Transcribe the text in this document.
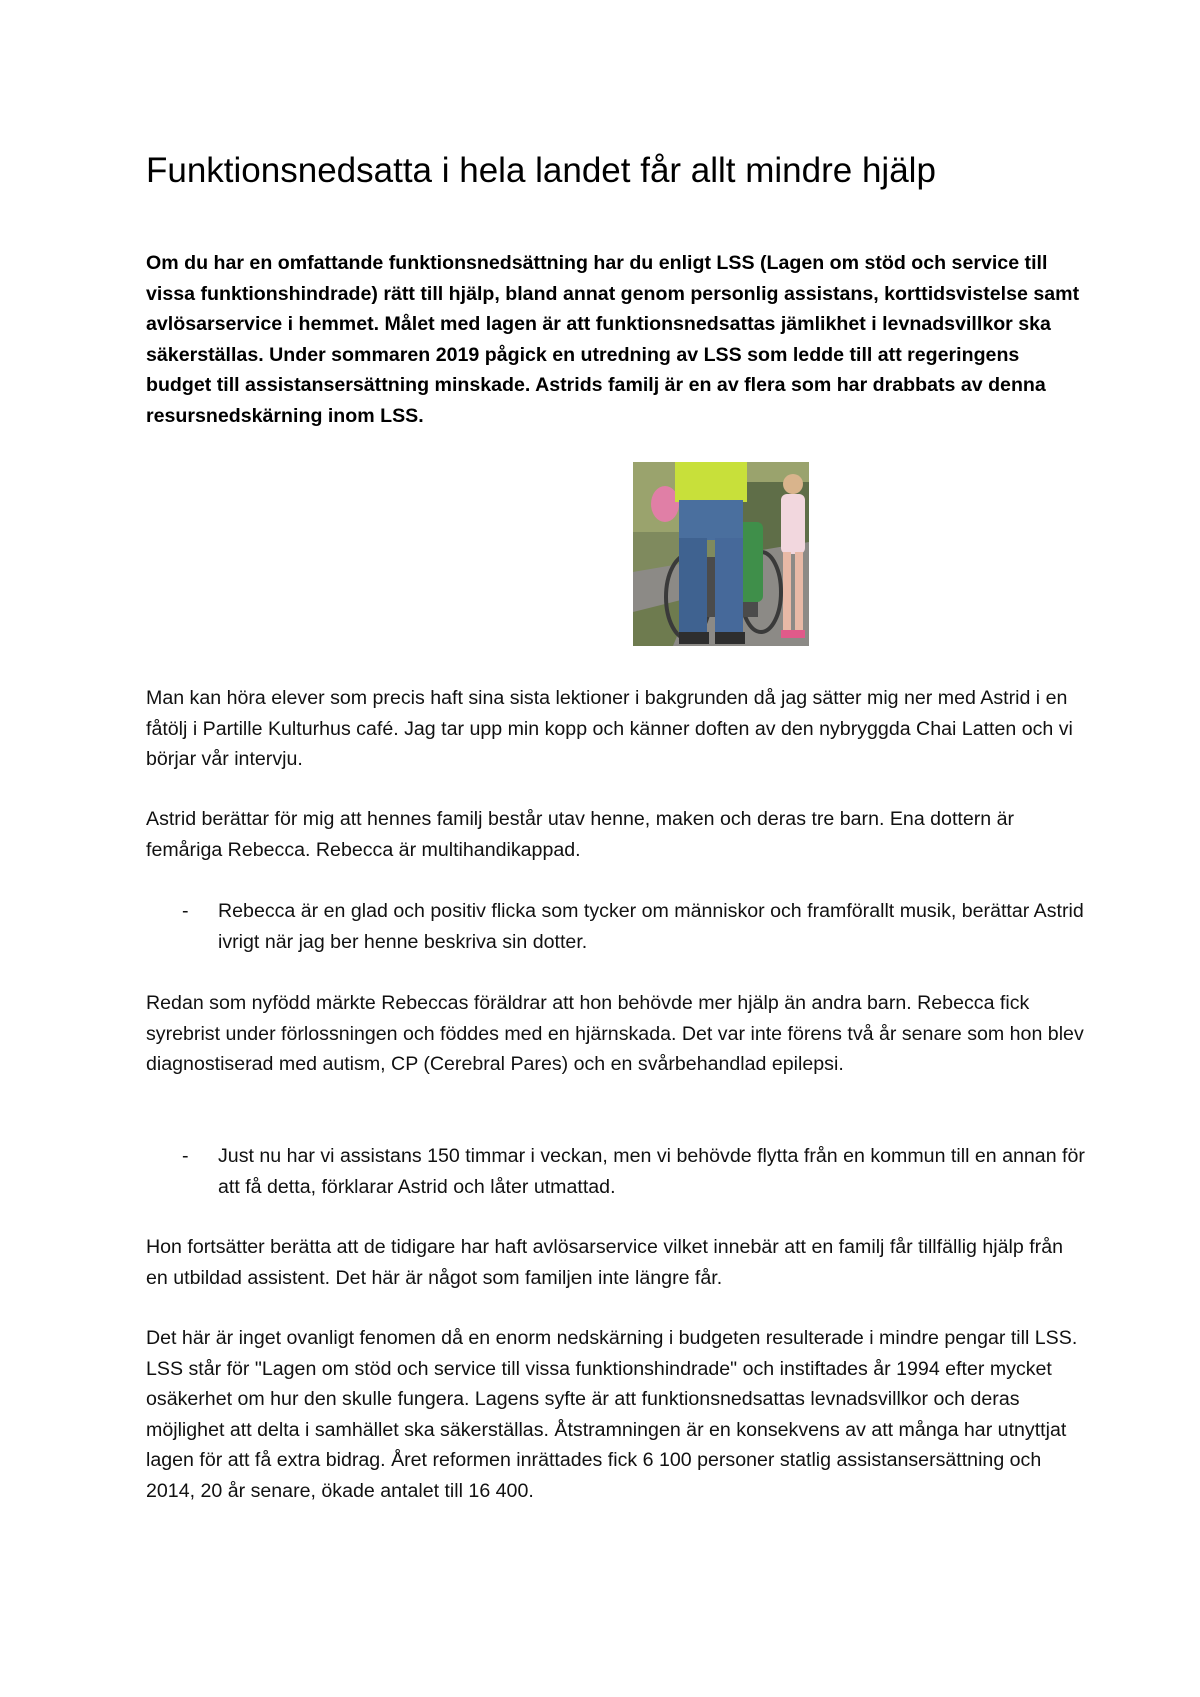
Funktionsnedsatta i hela landet får allt mindre hjälp

Om du har en omfattande funktionsnedsättning har du enligt LSS (Lagen om stöd och service till vissa funktionshindrade) rätt till hjälp, bland annat genom personlig assistans, korttidsvistelse samt avlösarservice i hemmet. Målet med lagen är att funktionsnedsattas jämlikhet i levnadsvillkor ska säkerställas. Under sommaren 2019 pågick en utredning av LSS som ledde till att regeringens budget till assistansersättning minskade. Astrids familj är en av flera som har drabbats av denna resursnedskärning inom LSS.

Man kan höra elever som precis haft sina sista lektioner i bakgrunden då jag sätter mig ner med Astrid i en fåtölj i Partille Kulturhus café. Jag tar upp min kopp och känner doften av den nybryggda Chai Latten och vi börjar vår intervju.

Astrid berättar för mig att hennes familj består utav henne, maken och deras tre barn. Ena dottern är femåriga Rebecca. Rebecca är multihandikappad.

- Rebecca är en glad och positiv flicka som tycker om människor och framförallt musik, berättar Astrid ivrigt när jag ber henne beskriva sin dotter.

Redan som nyfödd märkte Rebeccas föräldrar att hon behövde mer hjälp än andra barn. Rebecca fick syrebrist under förlossningen och föddes med en hjärnskada. Det var inte förens två år senare som hon blev diagnostiserad med autism, CP (Cerebral Pares) och en svårbehandlad epilepsi.

- Just nu har vi assistans 150 timmar i veckan, men vi behövde flytta från en kommun till en annan för att få detta, förklarar Astrid och låter utmattad.

Hon fortsätter berätta att de tidigare har haft avlösarservice vilket innebär att en familj får tillfällig hjälp från en utbildad assistent. Det här är något som familjen inte längre får.

Det här är inget ovanligt fenomen då en enorm nedskärning i budgeten resulterade i mindre pengar till LSS. LSS står för "Lagen om stöd och service till vissa funktionshindrade" och instiftades år 1994 efter mycket osäkerhet om hur den skulle fungera. Lagens syfte är att funktionsnedsattas levnadsvillkor och deras möjlighet att delta i samhället ska säkerställas. Åtstramningen är en konsekvens av att många har utnyttjat lagen för att få extra bidrag. Året reformen inrättades fick 6 100 personer statlig assistansersättning och 2014, 20 år senare, ökade antalet till 16 400.
